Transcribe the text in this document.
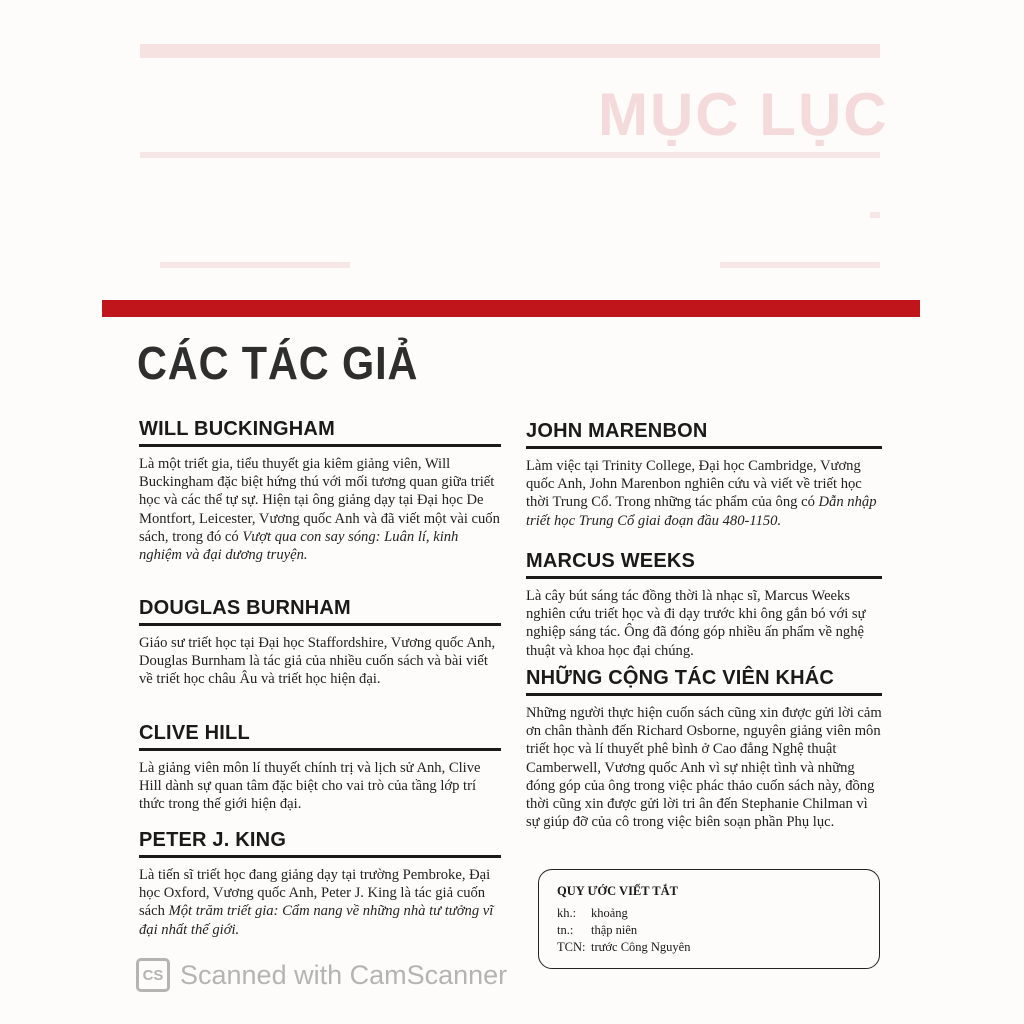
MỤC LỤC
CÁC TÁC GIẢ
WILL BUCKINGHAM
Là một triết gia, tiểu thuyết gia kiêm giảng viên, Will Buckingham đặc biệt hứng thú với mối tương quan giữa triết học và các thể tự sự. Hiện tại ông giảng dạy tại Đại học De Montfort, Leicester, Vương quốc Anh và đã viết một vài cuốn sách, trong đó có Vượt qua con say sóng: Luân lí, kinh nghiệm và đại dương truyện.
DOUGLAS BURNHAM
Giáo sư triết học tại Đại học Staffordshire, Vương quốc Anh, Douglas Burnham là tác giả của nhiều cuốn sách và bài viết về triết học châu Âu và triết học hiện đại.
CLIVE HILL
Là giảng viên môn lí thuyết chính trị và lịch sử Anh, Clive Hill dành sự quan tâm đặc biệt cho vai trò của tầng lớp trí thức trong thế giới hiện đại.
PETER J. KING
Là tiến sĩ triết học đang giảng dạy tại trường Pembroke, Đại học Oxford, Vương quốc Anh, Peter J. King là tác giả cuốn sách Một trăm triết gia: Cẩm nang về những nhà tư tưởng vĩ đại nhất thế giới.
JOHN MARENBON
Làm việc tại Trinity College, Đại học Cambridge, Vương quốc Anh, John Marenbon nghiên cứu và viết về triết học thời Trung Cổ. Trong những tác phẩm của ông có Dẫn nhập triết học Trung Cổ giai đoạn đầu 480-1150.
MARCUS WEEKS
Là cây bút sáng tác đồng thời là nhạc sĩ, Marcus Weeks nghiên cứu triết học và đi dạy trước khi ông gắn bó với sự nghiệp sáng tác. Ông đã đóng góp nhiều ấn phẩm về nghệ thuật và khoa học đại chúng.
NHỮNG CỘNG TÁC VIÊN KHÁC
Những người thực hiện cuốn sách cũng xin được gửi lời cảm ơn chân thành đến Richard Osborne, nguyên giảng viên môn triết học và lí thuyết phê bình ở Cao đẳng Nghệ thuật Camberwell, Vương quốc Anh vì sự nhiệt tình và những đóng góp của ông trong việc phác thảo cuốn sách này, đồng thời cũng xin được gửi lời tri ân đến Stephanie Chilman vì sự giúp đỡ của cô trong việc biên soạn phần Phụ lục.
QUY ƯỚC VIẾT TẮT
kh.:	khoảng
tn.:	thập niên
TCN: trước Công Nguyên
CS Scanned with CamScanner
